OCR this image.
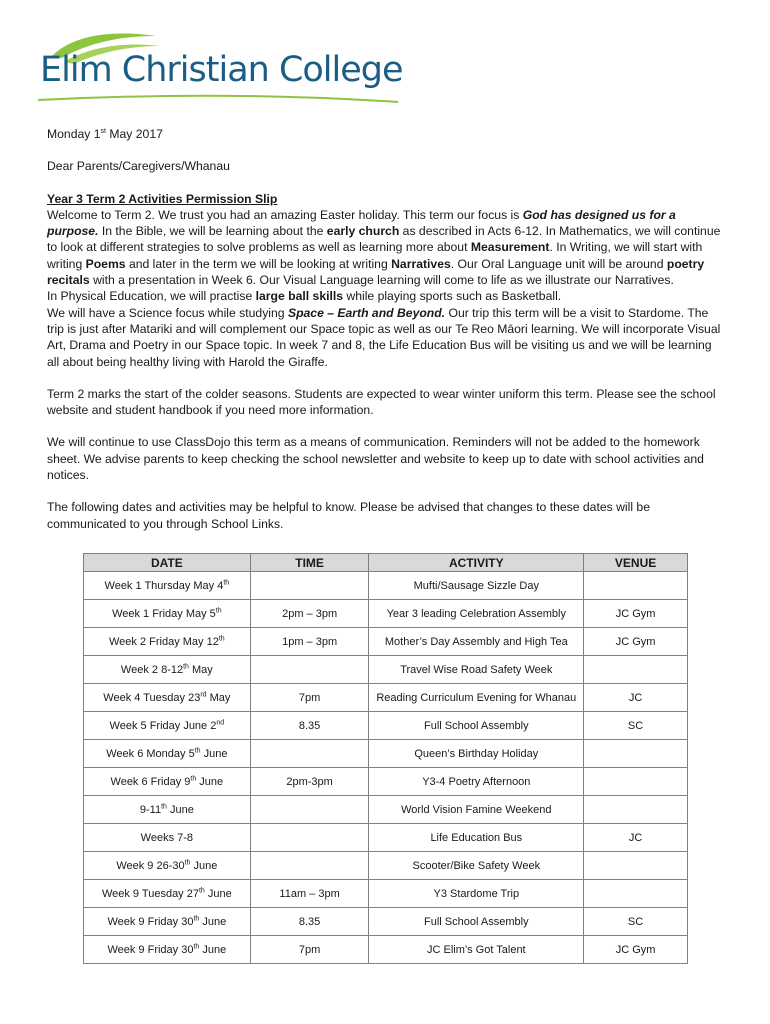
Elim Christian College

Monday 1st May 2017

Dear Parents/Caregivers/Whanau

Year 3 Term 2 Activities Permission Slip

Welcome to Term 2. We trust you had an amazing Easter holiday. This term our focus is God has designed us for a purpose. In the Bible, we will be learning about the early church as described in Acts 6-12. In Mathematics, we will continue to look at different strategies to solve problems as well as learning more about Measurement. In Writing, we will start with writing Poems and later in the term we will be looking at writing Narratives. Our Oral Language unit will be around poetry recitals with a presentation in Week 6. Our Visual Language learning will come to life as we illustrate our Narratives.

In Physical Education, we will practise large ball skills while playing sports such as Basketball.

We will have a Science focus while studying Space – Earth and Beyond. Our trip this term will be a visit to Stardome. The trip is just after Matariki and will complement our Space topic as well as our Te Reo Māori learning. We will incorporate Visual Art, Drama and Poetry in our Space topic. In week 7 and 8, the Life Education Bus will be visiting us and we will be learning all about being healthy living with Harold the Giraffe.

Term 2 marks the start of the colder seasons. Students are expected to wear winter uniform this term. Please see the school website and student handbook if you need more information.

We will continue to use ClassDojo this term as a means of communication. Reminders will not be added to the homework sheet. We advise parents to keep checking the school newsletter and website to keep up to date with school activities and notices.

The following dates and activities may be helpful to know. Please be advised that changes to these dates will be communicated to you through School Links.

DATE	TIME	ACTIVITY	VENUE
Week 1 Thursday May 4th		Mufti/Sausage Sizzle Day	
Week 1 Friday May 5th	2pm – 3pm	Year 3 leading Celebration Assembly	JC Gym
Week 2 Friday May 12th	1pm – 3pm	Mother’s Day Assembly and High Tea	JC Gym
Week 2 8-12th May		Travel Wise Road Safety Week	
Week 4 Tuesday 23rd May	7pm	Reading Curriculum Evening for Whanau	JC
Week 5 Friday June 2nd	8.35	Full School Assembly	SC
Week 6 Monday 5th June		Queen’s Birthday Holiday	
Week 6 Friday 9th June	2pm-3pm	Y3-4 Poetry Afternoon	
9-11th June		World Vision Famine Weekend	
Weeks 7-8		Life Education Bus	JC
Week 9 26-30th June		Scooter/Bike Safety Week	
Week 9 Tuesday 27th June	11am – 3pm	Y3 Stardome Trip	
Week 9 Friday 30th June	8.35	Full School Assembly	SC
Week 9 Friday 30th June	7pm	JC Elim’s Got Talent	JC Gym
